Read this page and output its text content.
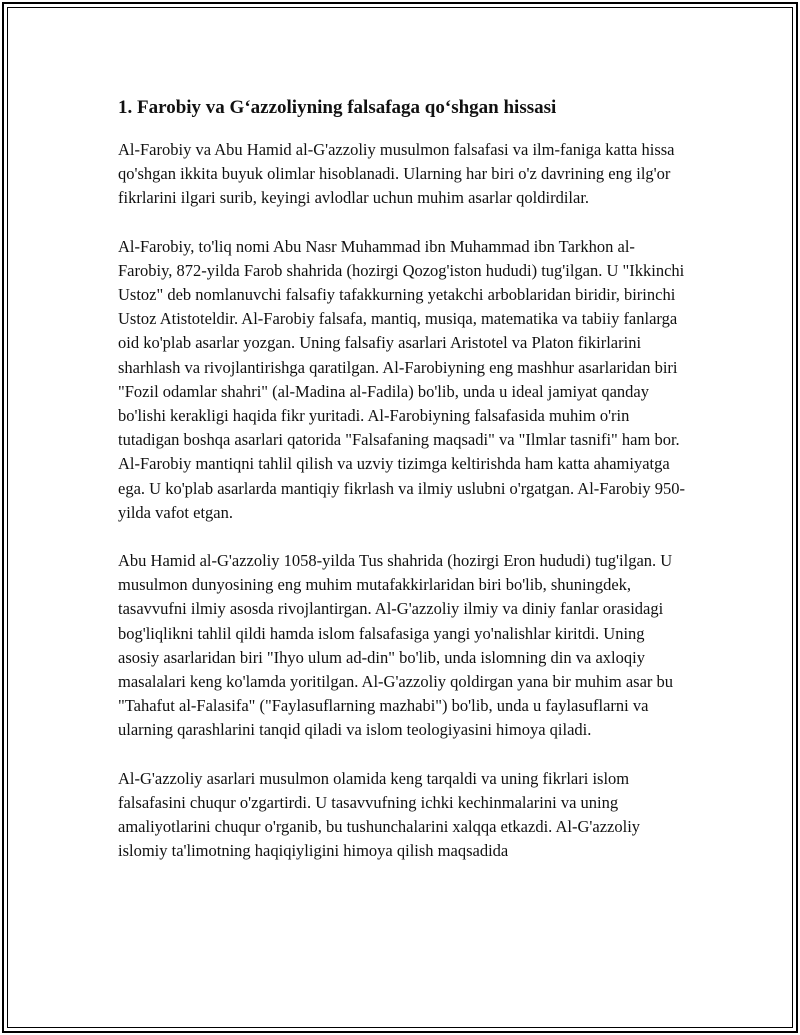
1. Farobiy va G‘azzoliyning falsafaga qo‘shgan hissasi

Al-Farobiy va Abu Hamid al-G'azzoliy musulmon falsafasi va ilm-faniga katta hissa qo'shgan ikkita buyuk olimlar hisoblanadi. Ularning har biri o'z davrining eng ilg'or fikrlarini ilgari surib, keyingi avlodlar uchun muhim asarlar qoldirdilar.

Al-Farobiy, to'liq nomi Abu Nasr Muhammad ibn Muhammad ibn Tarkhon al-Farobiy, 872-yilda Farob shahrida (hozirgi Qozog'iston hududi) tug'ilgan. U "Ikkinchi Ustoz" deb nomlanuvchi falsafiy tafakkurning yetakchi arboblaridan biridir, birinchi Ustoz Atistoteldir. Al-Farobiy falsafa, mantiq, musiqa, matematika va tabiiy fanlarga oid ko'plab asarlar yozgan. Uning falsafiy asarlari Aristotel va Platon fikirlarini sharhlash va rivojlantirishga qaratilgan. Al-Farobiyning eng mashhur asarlaridan biri "Fozil odamlar shahri" (al-Madina al-Fadila) bo'lib, unda u ideal jamiyat qanday bo'lishi kerakligi haqida fikr yuritadi. Al-Farobiyning falsafasida muhim o'rin tutadigan boshqa asarlari qatorida "Falsafaning maqsadi" va "Ilmlar tasnifi" ham bor. Al-Farobiy mantiqni tahlil qilish va uzviy tizimga keltirishda ham katta ahamiyatga ega. U ko'plab asarlarda mantiqiy fikrlash va ilmiy uslubni o'rgatgan. Al-Farobiy 950-yilda vafot etgan.

Abu Hamid al-G'azzoliy 1058-yilda Tus shahrida (hozirgi Eron hududi) tug'ilgan. U musulmon dunyosining eng muhim mutafakkirlaridan biri bo'lib, shuningdek, tasavvufni ilmiy asosda rivojlantirgan. Al-G'azzoliy ilmiy va diniy fanlar orasidagi bog'liqlikni tahlil qildi hamda islom falsafasiga yangi yo'nalishlar kiritdi. Uning asosiy asarlaridan biri "Ihyo ulum ad-din" bo'lib, unda islomning din va axloqiy masalalari keng ko'lamda yoritilgan. Al-G'azzoliy qoldirgan yana bir muhim asar bu "Tahafut al-Falasifa" ("Faylasuflarning mazhabi") bo'lib, unda u faylasuflarni va ularning qarashlarini tanqid qiladi va islom teologiyasini himoya qiladi.

Al-G'azzoliy asarlari musulmon olamida keng tarqaldi va uning fikrlari islom falsafasini chuqur o'zgartirdi. U tasavvufning ichki kechinmalarini va uning amaliyotlarini chuqur o'rganib, bu tushunchalarini xalqqa etkazdi. Al-G'azzoliy islomiy ta'limotning haqiqiyligini himoya qilish maqsadida
